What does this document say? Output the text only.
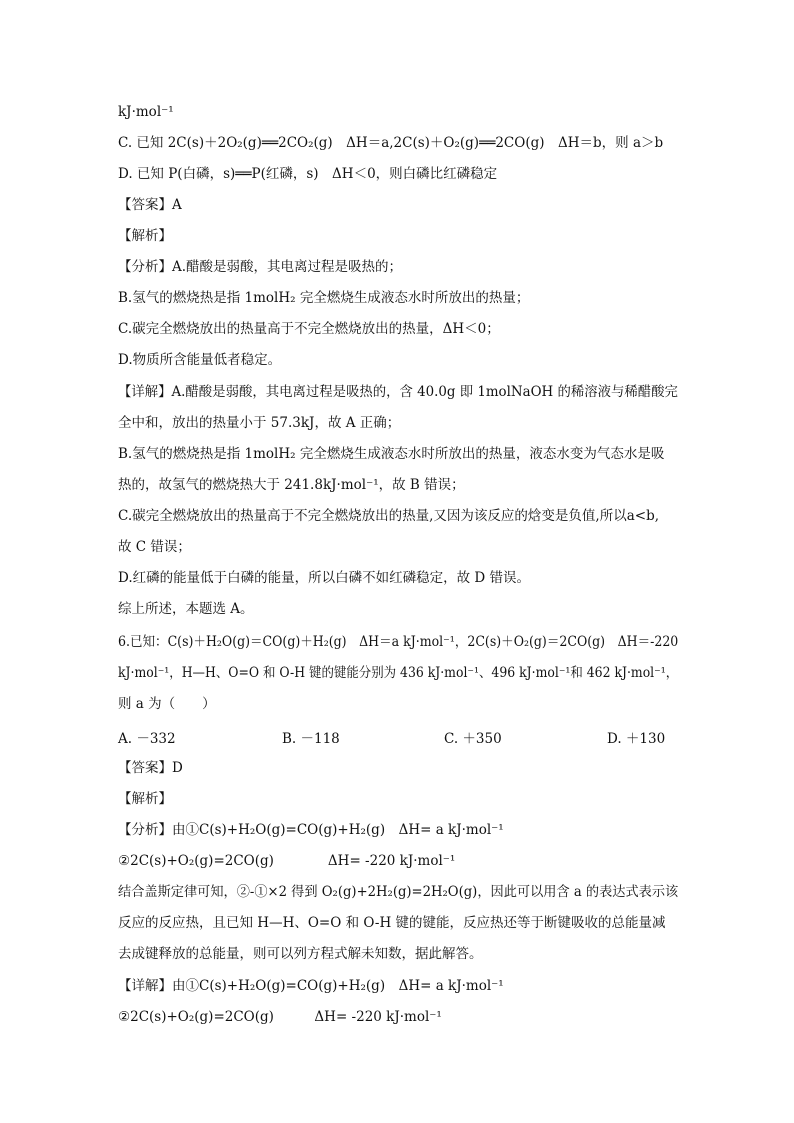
kJ·mol⁻¹
C. 已知 2C(s)＋2O₂(g)══2CO₂(g)　ΔH＝a,2C(s)＋O₂(g)══2CO(g)　ΔH＝b，则 a＞b
D. 已知 P(白磷，s)══P(红磷，s)　ΔH＜0，则白磷比红磷稳定
【答案】A
【解析】
【分析】A.醋酸是弱酸，其电离过程是吸热的；
B.氢气的燃烧热是指 1molH₂ 完全燃烧生成液态水时所放出的热量；
C.碳完全燃烧放出的热量高于不完全燃烧放出的热量，ΔH＜0；
D.物质所含能量低者稳定。
【详解】A.醋酸是弱酸，其电离过程是吸热的，含 40.0g 即 1molNaOH 的稀溶液与稀醋酸完
全中和，放出的热量小于 57.3kJ，故 A 正确；
B.氢气的燃烧热是指 1molH₂ 完全燃烧生成液态水时所放出的热量，液态水变为气态水是吸
热的，故氢气的燃烧热大于 241.8kJ·mol⁻¹，故 B 错误；
C.碳完全燃烧放出的热量高于不完全燃烧放出的热量,又因为该反应的焓变是负值,所以a<b,
故 C 错误；
D.红磷的能量低于白磷的能量，所以白磷不如红磷稳定，故 D 错误。
综上所述，本题选 A。
6.已知：C(s)＋H₂O(g)＝CO(g)＋H₂(g)　ΔH＝a kJ·mol⁻¹，2C(s)＋O₂(g)＝2CO(g)　ΔH＝-220
kJ·mol⁻¹，H—H、O=O 和 O-H 键的键能分别为 436 kJ·mol⁻¹、496 kJ·mol⁻¹和 462 kJ·mol⁻¹，
则 a 为（　　）
A. －332	B. －118	C. ＋350	D. ＋130
【答案】D
【解析】
【分析】由①C(s)+H₂O(g)=CO(g)+H₂(g)　ΔH= a kJ·mol⁻¹
②2C(s)+O₂(g)=2CO(g)　　　　ΔH= -220 kJ·mol⁻¹
结合盖斯定律可知，②-①×2 得到 O₂(g)+2H₂(g)=2H₂O(g)，因此可以用含 a 的表达式表示该
反应的反应热，且已知 H—H、O=O 和 O-H 键的键能，反应热还等于断键吸收的总能量减
去成键释放的总能量，则可以列方程式解未知数，据此解答。
【详解】由①C(s)+H₂O(g)=CO(g)+H₂(g)　ΔH= a kJ·mol⁻¹
②2C(s)+O₂(g)=2CO(g)　　　ΔH= -220 kJ·mol⁻¹
